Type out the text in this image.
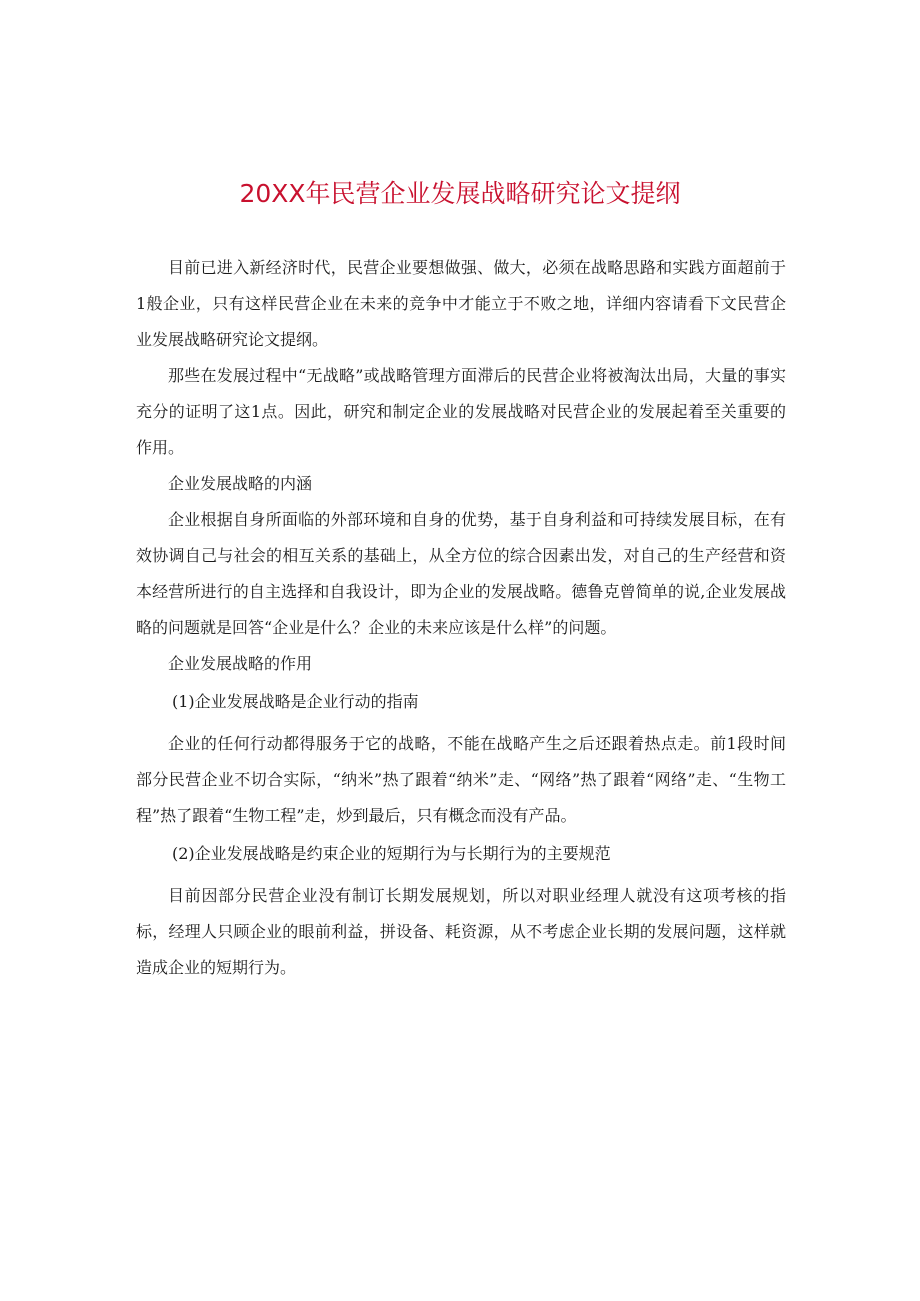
20XX年民营企业发展战略研究论文提纲

目前已进入新经济时代，民营企业要想做强、做大，必须在战略思路和实践方面超前于1般企业，只有这样民营企业在未来的竞争中才能立于不败之地，详细内容请看下文民营企业发展战略研究论文提纲。

那些在发展过程中“无战略”或战略管理方面滞后的民营企业将被淘汰出局，大量的事实充分的证明了这1点。因此，研究和制定企业的发展战略对民营企业的发展起着至关重要的作用。

企业发展战略的内涵

企业根据自身所面临的外部环境和自身的优势，基于自身利益和可持续发展目标，在有效协调自己与社会的相互关系的基础上，从全方位的综合因素出发，对自己的生产经营和资本经营所进行的自主选择和自我设计，即为企业的发展战略。德鲁克曾简单的说,企业发展战略的问题就是回答“企业是什么？企业的未来应该是什么样”的问题。

企业发展战略的作用

(1)企业发展战略是企业行动的指南

企业的任何行动都得服务于它的战略，不能在战略产生之后还跟着热点走。前1段时间部分民营企业不切合实际，“纳米”热了跟着“纳米”走、“网络”热了跟着“网络”走、“生物工程”热了跟着“生物工程”走，炒到最后，只有概念而没有产品。

(2)企业发展战略是约束企业的短期行为与长期行为的主要规范

目前因部分民营企业没有制订长期发展规划，所以对职业经理人就没有这项考核的指标，经理人只顾企业的眼前利益，拼设备、耗资源，从不考虑企业长期的发展问题，这样就造成企业的短期行为。
